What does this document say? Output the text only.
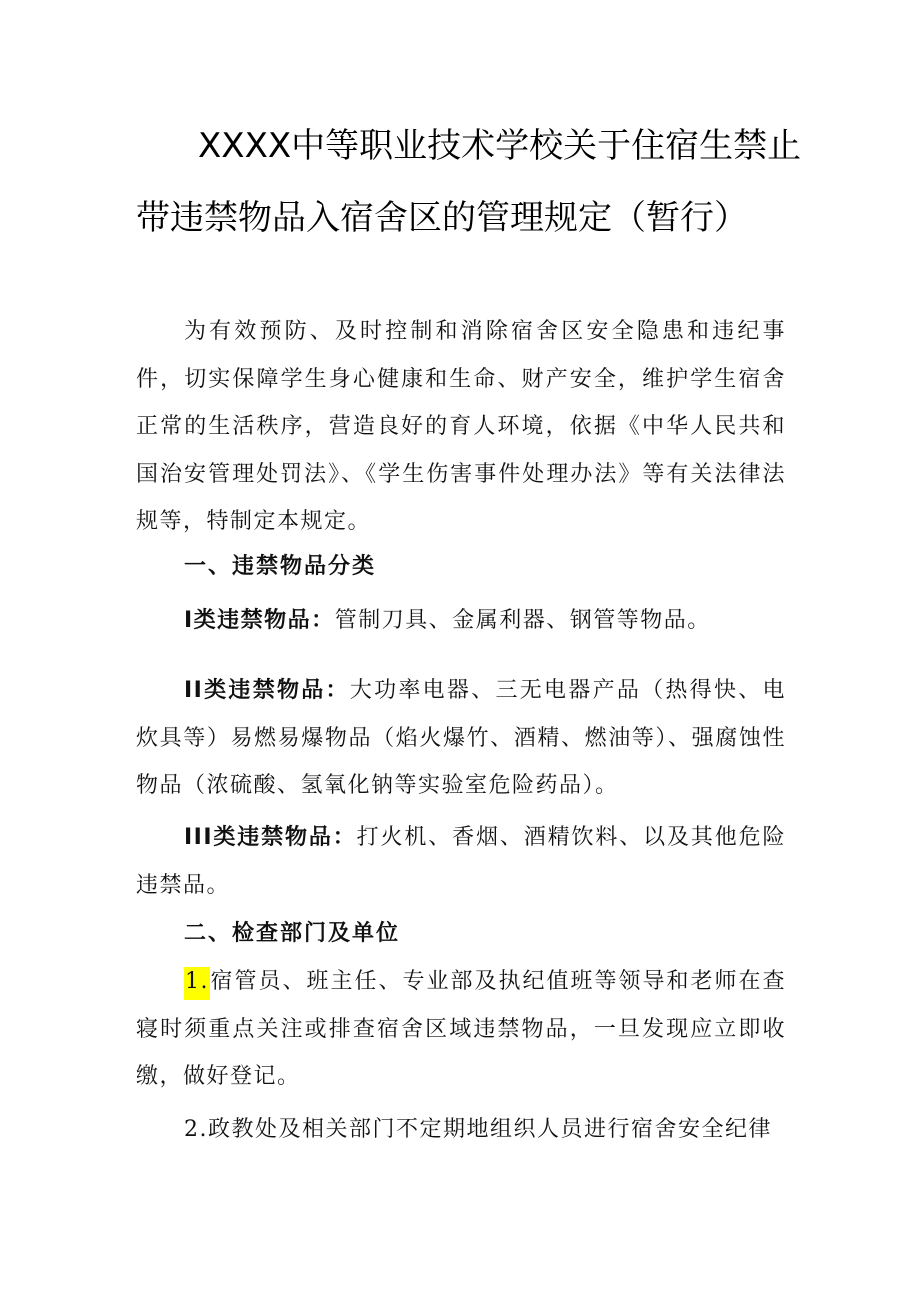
XXXX中等职业技术学校关于住宿生禁止
带违禁物品入宿舍区的管理规定（暂行）

为有效预防、及时控制和消除宿舍区安全隐患和违纪事件，切实保障学生身心健康和生命、财产安全，维护学生宿舍正常的生活秩序，营造良好的育人环境，依据《中华人民共和国治安管理处罚法》、《学生伤害事件处理办法》等有关法律法规等，特制定本规定。

一、违禁物品分类

I类违禁物品：管制刀具、金属利器、钢管等物品。

II类违禁物品：大功率电器、三无电器产品（热得快、电炊具等）易燃易爆物品（焰火爆竹、酒精、燃油等）、强腐蚀性物品（浓硫酸、氢氧化钠等实验室危险药品）。

III类违禁物品：打火机、香烟、酒精饮料、以及其他危险违禁品。

二、检查部门及单位

1.宿管员、班主任、专业部及执纪值班等领导和老师在查寝时须重点关注或排查宿舍区域违禁物品，一旦发现应立即收缴，做好登记。

2.政教处及相关部门不定期地组织人员进行宿舍安全纪律
